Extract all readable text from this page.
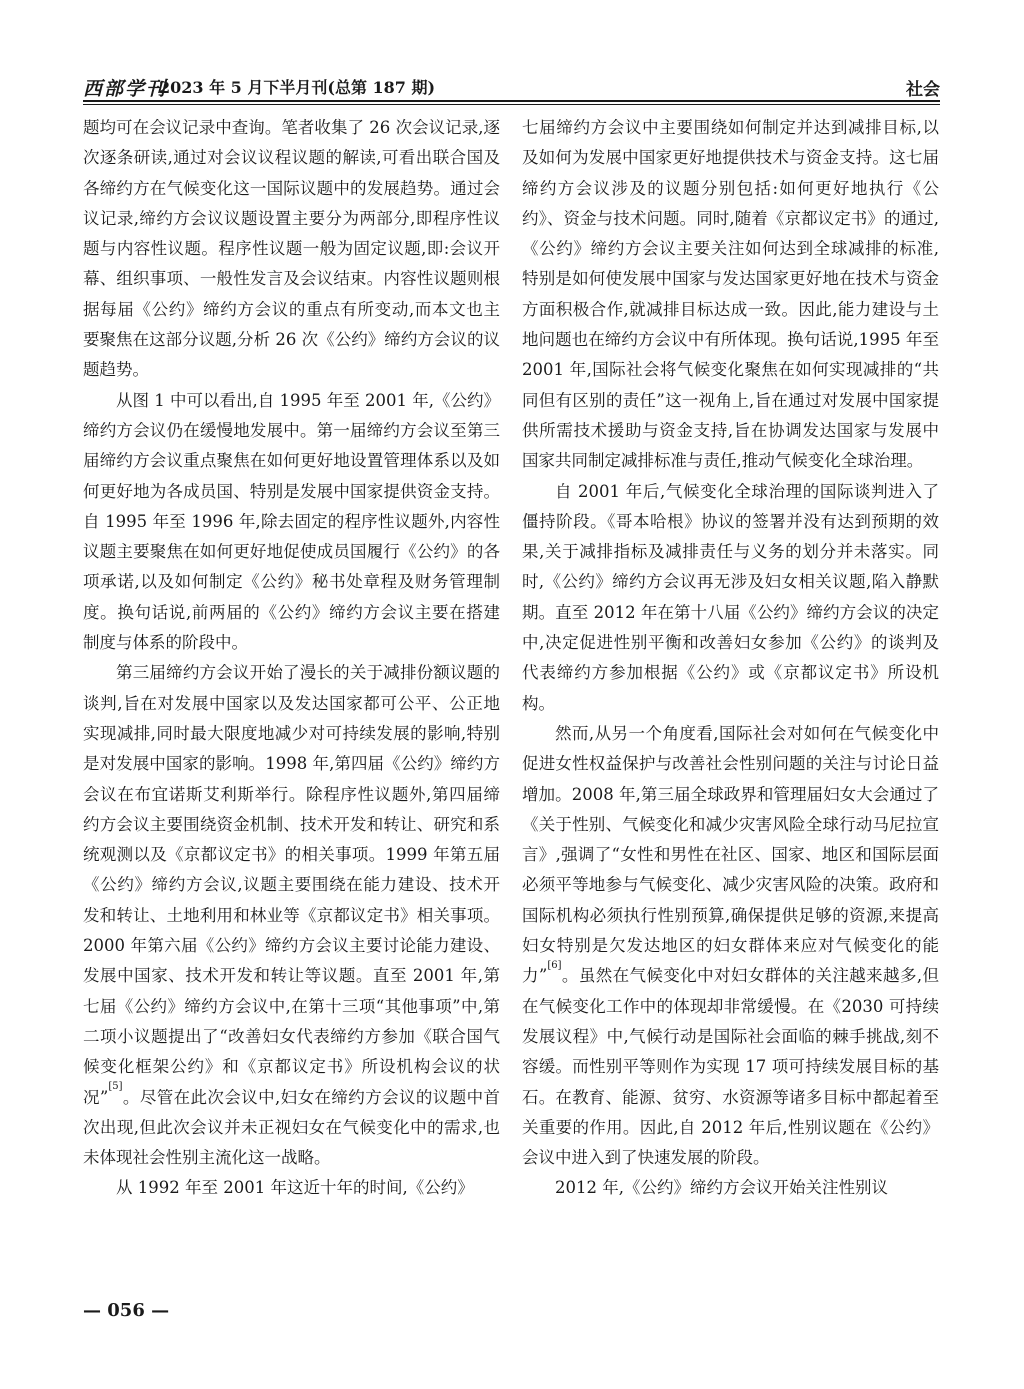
西部学刊
2023 年 5 月下半月刊(总第 187 期)	社会

题均可在会议记录中查询。笔者收集了 26 次会议记录,逐次逐条研读,通过对会议议程议题的解读,可看出联合国及各缔约方在气候变化这一国际议题中的发展趋势。通过会议记录,缔约方会议议题设置主要分为两部分,即程序性议题与内容性议题。程序性议题一般为固定议题,即:会议开幕、组织事项、一般性发言及会议结束。内容性议题则根据每届《公约》缔约方会议的重点有所变动,而本文也主要聚焦在这部分议题,分析 26 次《公约》缔约方会议的议题趋势。

从图 1 中可以看出,自 1995 年至 2001 年,《公约》缔约方会议仍在缓慢地发展中。第一届缔约方会议至第三届缔约方会议重点聚焦在如何更好地设置管理体系以及如何更好地为各成员国、特别是发展中国家提供资金支持。自 1995 年至 1996 年,除去固定的程序性议题外,内容性议题主要聚焦在如何更好地促使成员国履行《公约》的各项承诺,以及如何制定《公约》秘书处章程及财务管理制度。换句话说,前两届的《公约》缔约方会议主要在搭建制度与体系的阶段中。

第三届缔约方会议开始了漫长的关于减排份额议题的谈判,旨在对发展中国家以及发达国家都可公平、公正地实现减排,同时最大限度地减少对可持续发展的影响,特别是对发展中国家的影响。1998 年,第四届《公约》缔约方会议在布宜诺斯艾利斯举行。除程序性议题外,第四届缔约方会议主要围绕资金机制、技术开发和转让、研究和系统观测以及《京都议定书》的相关事项。1999 年第五届《公约》缔约方会议,议题主要围绕在能力建设、技术开发和转让、土地利用和林业等《京都议定书》相关事项。2000 年第六届《公约》缔约方会议主要讨论能力建设、发展中国家、技术开发和转让等议题。直至 2001 年,第七届《公约》缔约方会议中,在第十三项“其他事项”中,第二项小议题提出了“改善妇女代表缔约方参加《联合国气候变化框架公约》和《京都议定书》所设机构会议的状况”[5]。尽管在此次会议中,妇女在缔约方会议的议题中首次出现,但此次会议并未正视妇女在气候变化中的需求,也未体现社会性别主流化这一战略。

从 1992 年至 2001 年这近十年的时间,《公约》

七届缔约方会议中主要围绕如何制定并达到减排目标,以及如何为发展中国家更好地提供技术与资金支持。这七届缔约方会议涉及的议题分别包括:如何更好地执行《公约》、资金与技术问题。同时,随着《京都议定书》的通过,《公约》缔约方会议主要关注如何达到全球减排的标准,特别是如何使发展中国家与发达国家更好地在技术与资金方面积极合作,就减排目标达成一致。因此,能力建设与土地问题也在缔约方会议中有所体现。换句话说,1995 年至 2001 年,国际社会将气候变化聚焦在如何实现减排的“共同但有区别的责任”这一视角上,旨在通过对发展中国家提供所需技术援助与资金支持,旨在协调发达国家与发展中国家共同制定减排标准与责任,推动气候变化全球治理。

自 2001 年后,气候变化全球治理的国际谈判进入了僵持阶段。《哥本哈根》协议的签署并没有达到预期的效果,关于减排指标及减排责任与义务的划分并未落实。同时,《公约》缔约方会议再无涉及妇女相关议题,陷入静默期。直至 2012 年在第十八届《公约》缔约方会议的决定中,决定促进性别平衡和改善妇女参加《公约》的谈判及代表缔约方参加根据《公约》或《京都议定书》所设机构。

然而,从另一个角度看,国际社会对如何在气候变化中促进女性权益保护与改善社会性别问题的关注与讨论日益增加。2008 年,第三届全球政界和管理届妇女大会通过了《关于性别、气候变化和减少灾害风险全球行动马尼拉宣言》,强调了“女性和男性在社区、国家、地区和国际层面必须平等地参与气候变化、减少灾害风险的决策。政府和国际机构必须执行性别预算,确保提供足够的资源,来提高妇女特别是欠发达地区的妇女群体来应对气候变化的能力”[6]。虽然在气候变化中对妇女群体的关注越来越多,但在气候变化工作中的体现却非常缓慢。在《2030 可持续发展议程》中,气候行动是国际社会面临的棘手挑战,刻不容缓。而性别平等则作为实现 17 项可持续发展目标的基石。在教育、能源、贫穷、水资源等诸多目标中都起着至关重要的作用。因此,自 2012 年后,性别议题在《公约》会议中进入到了快速发展的阶段。

2012 年,《公约》缔约方会议开始关注性别议

— 056 —
